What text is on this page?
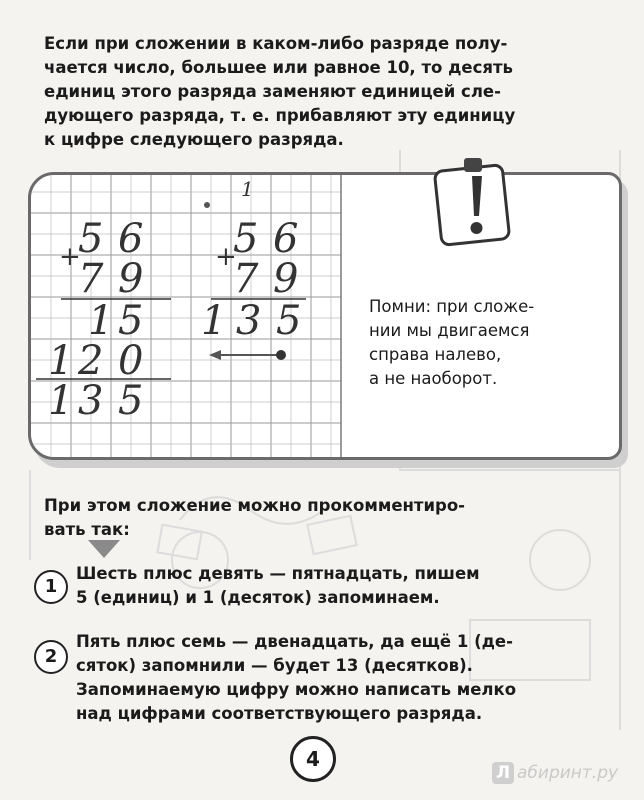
Если при сложении в каком-либо разряде полу-
чается число, большее или равное 10, то десять
единиц этого разряда заменяют единицей сле-
дующего разряда, т. е. прибавляют эту единицу
к цифре следующего разряда.
5 6
+
7 9
1 5
1 2 0
1 3 5
1
5 6
+
7 9
1 3 5	Помни: при сложе-
нии мы двигаемся
справа налево,
а не наоборот.
При этом сложение можно прокомментиро-
вать так:
1
Шесть плюс девять — пятнадцать, пишем
5 (единиц) и 1 (десяток) запоминаем.
2
Пять плюс семь — двенадцать, да ещё 1 (де-
сяток) запомнили — будет 13 (десятков).
Запоминаемую цифру можно написать мелко
над цифрами соответствующего разряда.
4
Л абиринт.ру
